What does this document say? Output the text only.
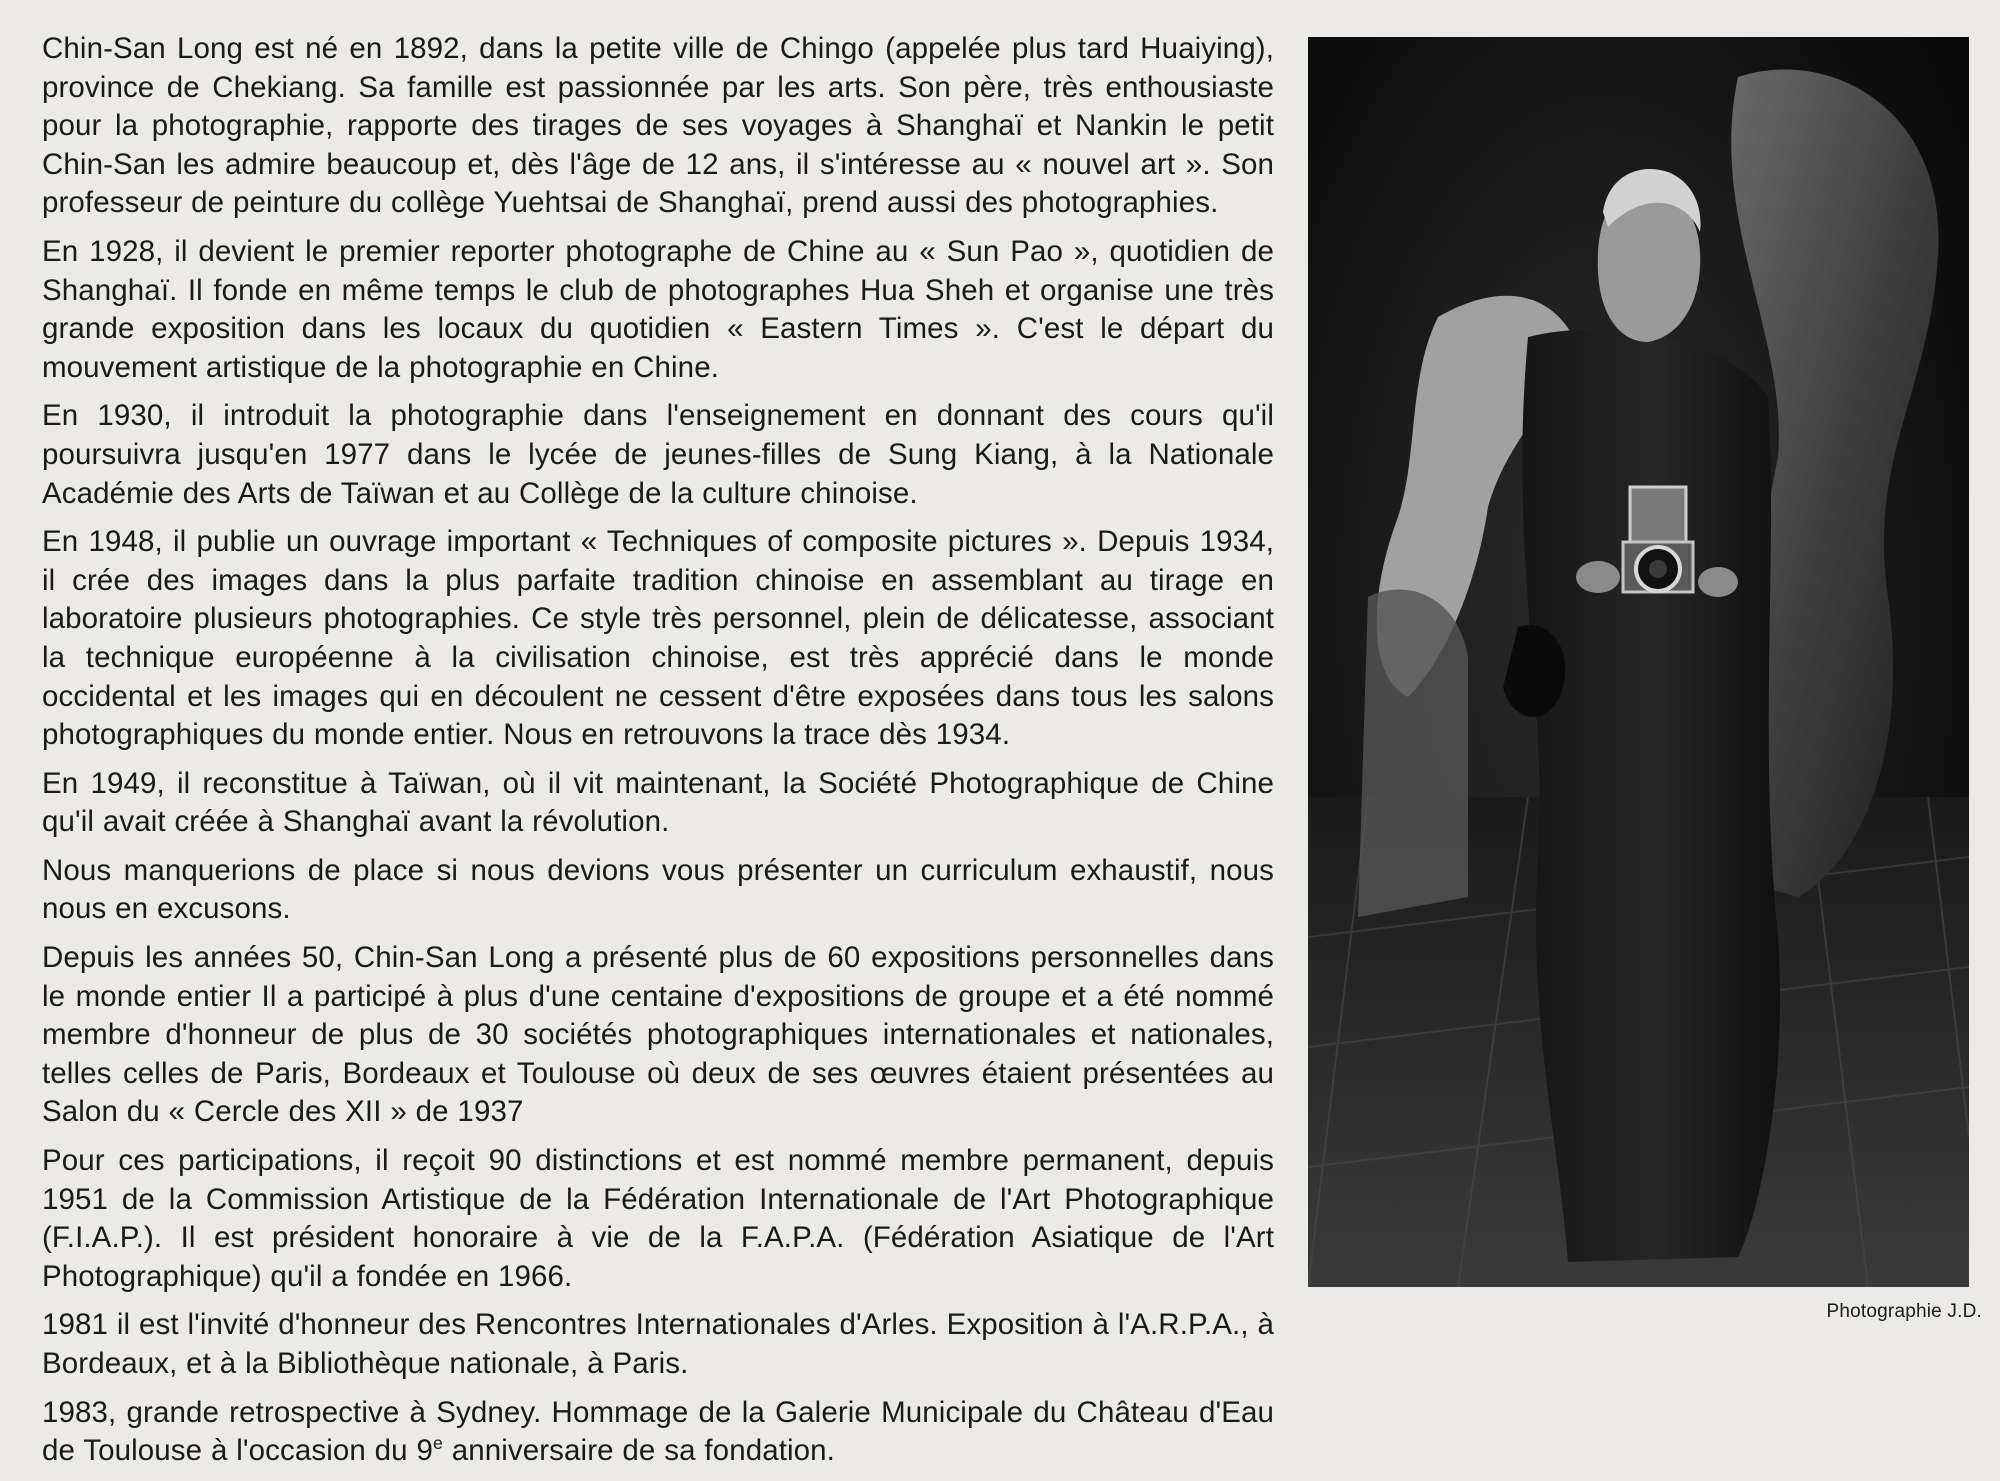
Chin-San Long est né en 1892, dans la petite ville de Chingo (appelée plus tard Huaiying), province de Chekiang. Sa famille est passionnée par les arts. Son père, très enthousiaste pour la photographie, rapporte des tirages de ses voyages à Shanghaï et Nankin le petit Chin-San les admire beaucoup et, dès l'âge de 12 ans, il s'intéresse au « nouvel art ». Son professeur de peinture du collège Yuehtsai de Shanghaï, prend aussi des photographies.

En 1928, il devient le premier reporter photographe de Chine au « Sun Pao », quotidien de Shanghaï. Il fonde en même temps le club de photographes Hua Sheh et organise une très grande exposition dans les locaux du quotidien « Eastern Times ». C'est le départ du mouvement artistique de la photographie en Chine.

En 1930, il introduit la photographie dans l'enseignement en donnant des cours qu'il poursuivra jusqu'en 1977 dans le lycée de jeunes-filles de Sung Kiang, à la Nationale Académie des Arts de Taïwan et au Collège de la culture chinoise.

En 1948, il publie un ouvrage important « Techniques of composite pictures ». Depuis 1934, il crée des images dans la plus parfaite tradition chinoise en assemblant au tirage en laboratoire plusieurs photographies. Ce style très personnel, plein de délicatesse, associant la technique européenne à la civilisation chinoise, est très apprécié dans le monde occidental et les images qui en découlent ne cessent d'être exposées dans tous les salons photographiques du monde entier. Nous en retrouvons la trace dès 1934.

En 1949, il reconstitue à Taïwan, où il vit maintenant, la Société Photographique de Chine qu'il avait créée à Shanghaï avant la révolution.

Nous manquerions de place si nous devions vous présenter un curriculum exhaustif, nous nous en excusons.

Depuis les années 50, Chin-San Long a présenté plus de 60 expositions personnelles dans le monde entier Il a participé à plus d'une centaine d'expositions de groupe et a été nommé membre d'honneur de plus de 30 sociétés photographiques internationales et nationales, telles celles de Paris, Bordeaux et Toulouse où deux de ses œuvres étaient présentées au Salon du « Cercle des XII » de 1937

Pour ces participations, il reçoit 90 distinctions et est nommé membre permanent, depuis 1951 de la Commission Artistique de la Fédération Internationale de l'Art Photographique (F.I.A.P.). Il est président honoraire à vie de la F.A.P.A. (Fédération Asiatique de l'Art Photographique) qu'il a fondée en 1966.

1981 il est l'invité d'honneur des Rencontres Internationales d'Arles. Exposition à l'A.R.P.A., à Bordeaux, et à la Bibliothèque nationale, à Paris.

1983, grande retrospective à Sydney. Hommage de la Galerie Municipale du Château d'Eau de Toulouse à l'occasion du 9e anniversaire de sa fondation.

Photographie J.D.
